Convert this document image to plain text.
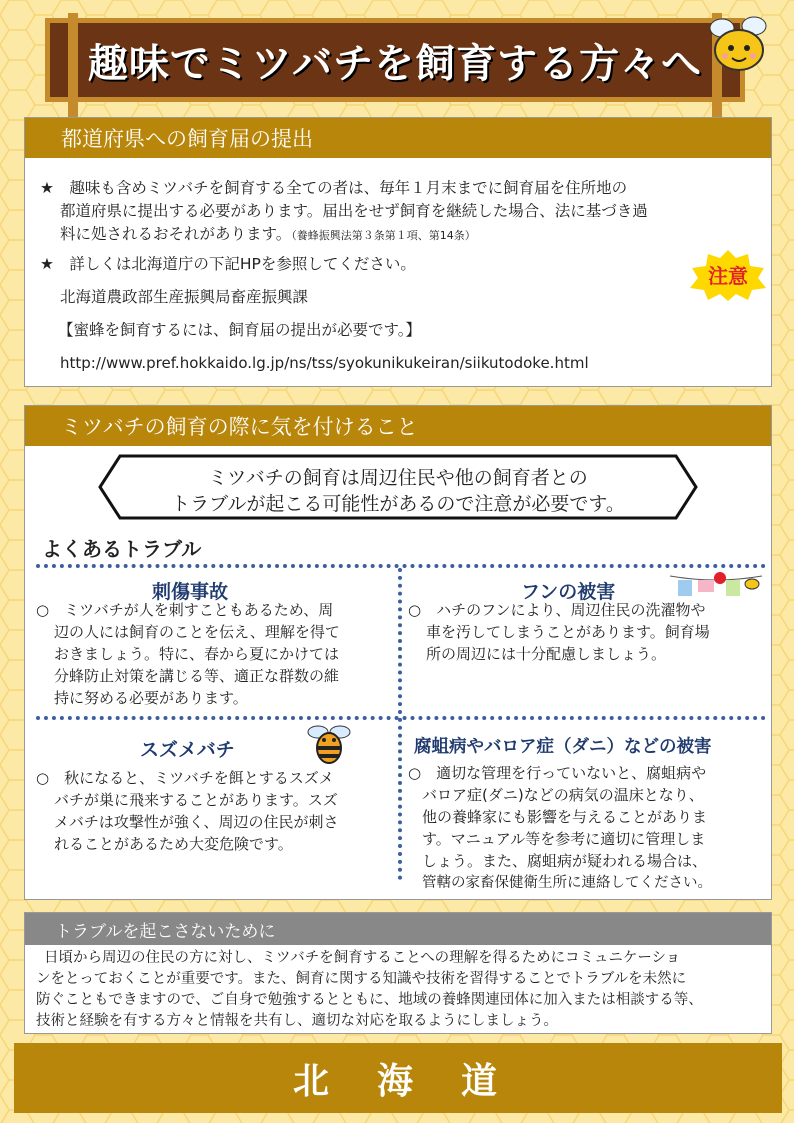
趣味でミツバチを飼育する方々へ
都道府県への飼育届の提出
★　趣味も含めミツバチを飼育する全ての者は、毎年１月末までに飼育届を住所地の
都道府県に提出する必要があります。届出をせず飼育を継続した場合、法に基づき過
料に処されるおそれがあります。（養蜂振興法第３条第１項、第14条）
★　詳しくは北海道庁の下記HPを参照してください。
北海道農政部生産振興局畜産振興課
【蜜蜂を飼育するには、飼育届の提出が必要です。】
http://www.pref.hokkaido.lg.jp/ns/tss/syokunikukeiran/siikutodoke.html
注意
ミツバチの飼育の際に気を付けること
ミツバチの飼育は周辺住民や他の飼育者との
トラブルが起こる可能性があるので注意が必要です。
よくあるトラブル
刺傷事故
○　ミツバチが人を刺すこともあるため、周
辺の人には飼育のことを伝え、理解を得て
おきましょう。特に、春から夏にかけては
分蜂防止対策を講じる等、適正な群数の維
持に努める必要があります。
フンの被害
○　ハチのフンにより、周辺住民の洗濯物や
車を汚してしまうことがあります。飼育場
所の周辺には十分配慮しましょう。
スズメバチ
○　秋になると、ミツバチを餌とするスズメ
バチが巣に飛来することがあります。スズ
メバチは攻撃性が強く、周辺の住民が刺さ
れることがあるため大変危険です。
腐蛆病やバロア症（ダニ）などの被害
○　適切な管理を行っていないと、腐蛆病や
バロア症(ダニ)などの病気の温床となり、
他の養蜂家にも影響を与えることがありま
す。マニュアル等を参考に適切に管理しま
しょう。また、腐蛆病が疑われる場合は、
管轄の家畜保健衛生所に連絡してください。
トラブルを起こさないために
日頃から周辺の住民の方に対し、ミツバチを飼育することへの理解を得るためにコミュニケーショ
ンをとっておくことが重要です。また、飼育に関する知識や技術を習得することでトラブルを未然に
防ぐこともできますので、ご自身で勉強するとともに、地域の養蜂関連団体に加入または相談する等、
技術と経験を有する方々と情報を共有し、適切な対応を取るようにしましょう。
北　海　道
